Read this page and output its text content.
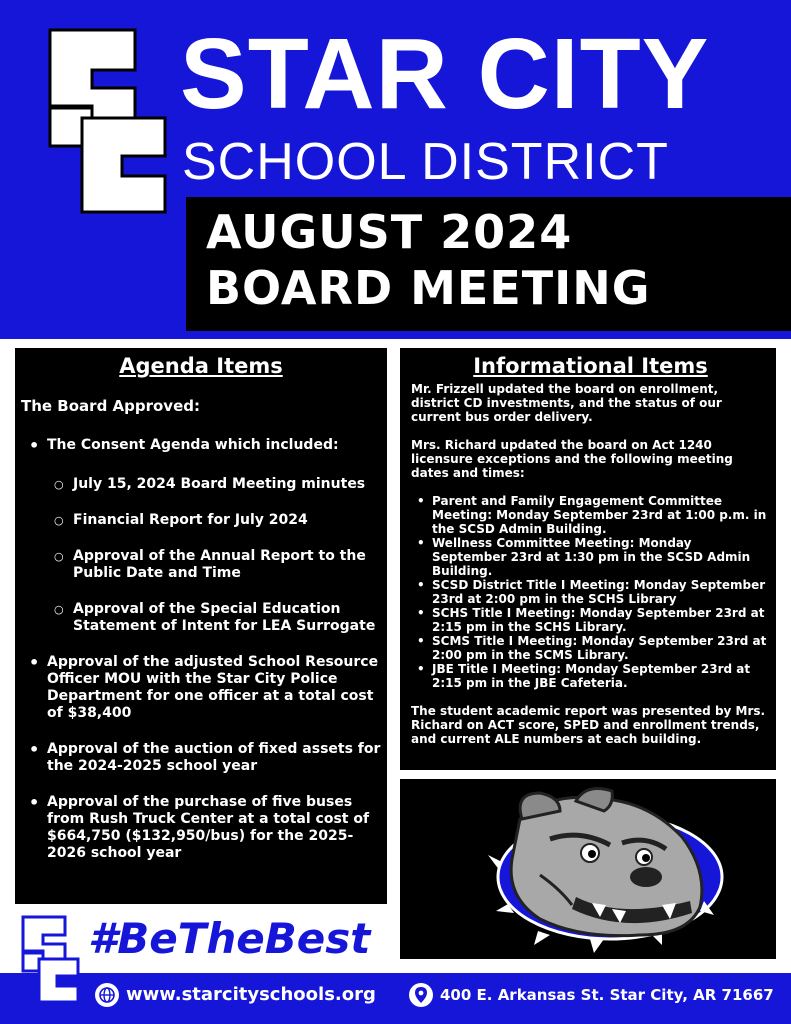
STAR CITY
SCHOOL DISTRICT
AUGUST 2024
BOARD MEETING
Agenda Items
The Board Approved:
• The Consent Agenda which included:
○ July 15, 2024 Board Meeting minutes
○ Financial Report for July 2024
○ Approval of the Annual Report to the Public Date and Time
○ Approval of the Special Education Statement of Intent for LEA Surrogate
• Approval of the adjusted School Resource Officer MOU with the Star City Police Department for one officer at a total cost of $38,400
• Approval of the auction of fixed assets for the 2024-2025 school year
• Approval of the purchase of five buses from Rush Truck Center at a total cost of $664,750 ($132,950/bus) for the 2025-2026 school year
Informational Items

Mr. Frizzell updated the board on enrollment, district CD investments, and the status of our current bus order delivery.

Mrs. Richard updated the board on Act 1240 licensure exceptions and the following meeting dates and times:

• Parent and Family Engagement Committee Meeting: Monday September 23rd at 1:00 p.m. in the SCSD Admin Building.
• Wellness Committee Meeting: Monday September 23rd at 1:30 pm in the SCSD Admin Building.
• SCSD District Title I Meeting: Monday September 23rd at 2:00 pm in the SCHS Library
• SCHS Title I Meeting: Monday September 23rd at 2:15 pm in the SCHS Library.
• SCMS Title I Meeting: Monday September 23rd at 2:00 pm in the SCMS Library.
• JBE Title I Meeting: Monday September 23rd at 2:15 pm in the JBE Cafeteria.

The student academic report was presented by Mrs. Richard on ACT score, SPED and enrollment trends, and current ALE numbers at each building.

#BeTheBest
www.starcityschools.org	400 E. Arkansas St. Star City, AR 71667
